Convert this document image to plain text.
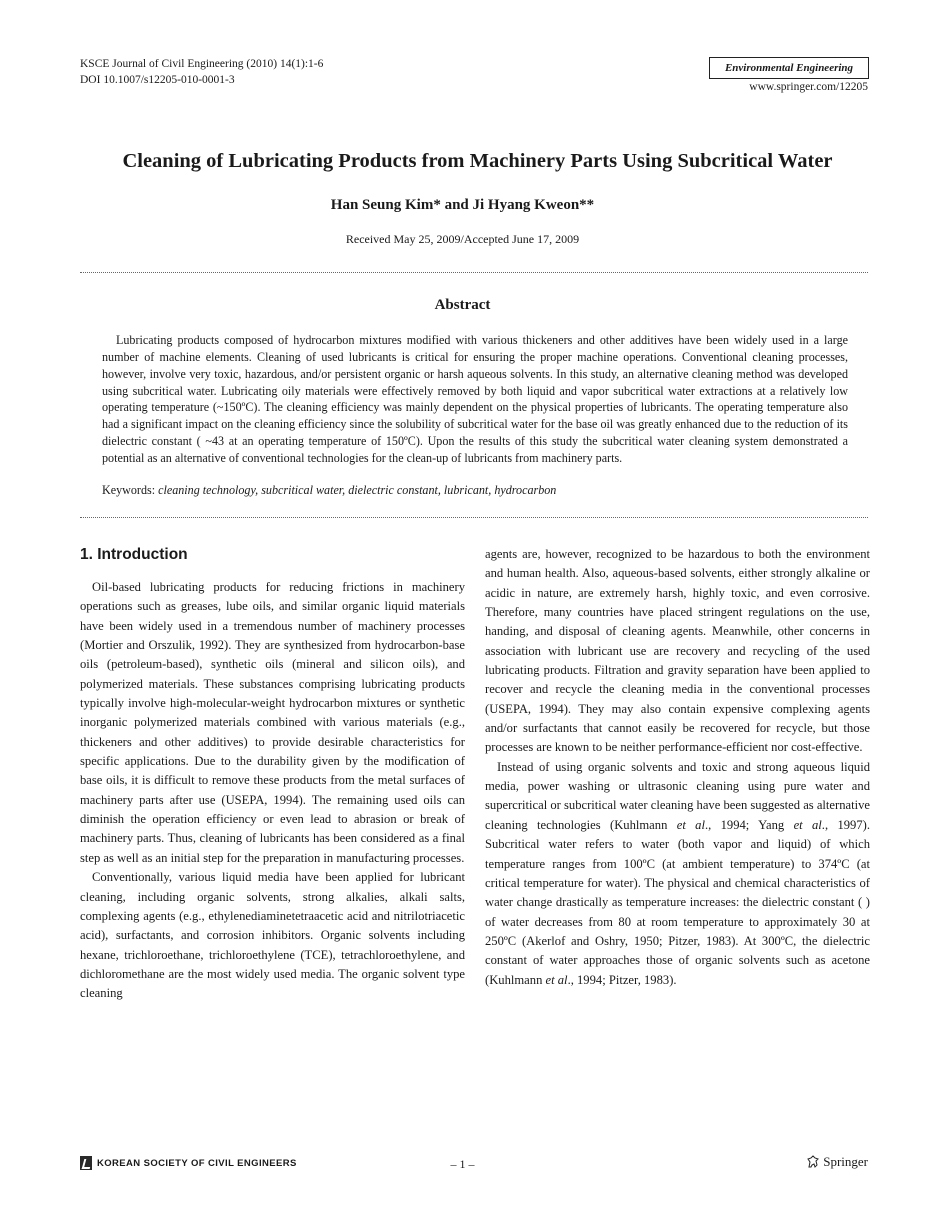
KSCE Journal of Civil Engineering (2010) 14(1):1-6
DOI 10.1007/s12205-010-0001-3
Environmental Engineering
www.springer.com/12205
Cleaning of Lubricating Products from Machinery Parts Using Subcritical Water
Han Seung Kim* and Ji Hyang Kweon**
Received May 25, 2009/Accepted June 17, 2009
Abstract
Lubricating products composed of hydrocarbon mixtures modified with various thickeners and other additives have been widely used in a large number of machine elements. Cleaning of used lubricants is critical for ensuring the proper machine operations. Conventional cleaning processes, however, involve very toxic, hazardous, and/or persistent organic or harsh aqueous solvents. In this study, an alternative cleaning method was developed using subcritical water. Lubricating oily materials were effectively removed by both liquid and vapor subcritical water extractions at a relatively low operating temperature (~150ºC). The cleaning efficiency was mainly dependent on the physical properties of lubricants. The operating temperature also had a significant impact on the cleaning efficiency since the solubility of subcritical water for the base oil was greatly enhanced due to the reduction of its dielectric constant ( ~43 at an operating temperature of 150ºC). Upon the results of this study the subcritical water cleaning system demonstrated a potential as an alternative of conventional technologies for the clean-up of lubricants from machinery parts.
Keywords: cleaning technology, subcritical water, dielectric constant, lubricant, hydrocarbon
1. Introduction

Oil-based lubricating products for reducing frictions in machinery operations such as greases, lube oils, and similar organic liquid materials have been widely used in a tremendous number of machinery processes (Mortier and Orszulik, 1992). They are synthesized from hydrocarbon-base oils (petroleum-based), synthetic oils (mineral and silicon oils), and polymerized materials. These substances comprising lubricating products typically involve high-molecular-weight hydrocarbon mixtures or synthetic inorganic polymerized materials combined with various materials (e.g., thickeners and other additives) to provide desirable characteristics for specific applications. Due to the durability given by the modification of base oils, it is difficult to remove these products from the metal surfaces of machinery parts after use (USEPA, 1994). The remaining used oils can diminish the operation efficiency or even lead to abrasion or break of machinery parts. Thus, cleaning of lubricants has been considered as a final step as well as an initial step for the preparation in manufacturing processes.

Conventionally, various liquid media have been applied for lubricant cleaning, including organic solvents, strong alkalies, alkali salts, complexing agents (e.g., ethylenediaminetetraacetic acid and nitrilotriacetic acid), surfactants, and corrosion inhibitors. Organic solvents including hexane, trichloroethane, trichloroethylene (TCE), tetrachloroethylene, and dichloromethane are the most widely used media. The organic solvent type cleaning

agents are, however, recognized to be hazardous to both the environment and human health. Also, aqueous-based solvents, either strongly alkaline or acidic in nature, are extremely harsh, highly toxic, and even corrosive. Therefore, many countries have placed stringent regulations on the use, handing, and disposal of cleaning agents. Meanwhile, other concerns in association with lubricant use are recovery and recycling of the used lubricating products. Filtration and gravity separation have been applied to recover and recycle the cleaning media in the conventional processes (USEPA, 1994). They may also contain expensive complexing agents and/or surfactants that cannot easily be recovered for recycle, but those processes are known to be neither performance-efficient nor cost-effective.

Instead of using organic solvents and toxic and strong aqueous liquid media, power washing or ultrasonic cleaning using pure water and supercritical or subcritical water cleaning have been suggested as alternative cleaning technologies (Kuhlmann et al., 1994; Yang et al., 1997). Subcritical water refers to water (both vapor and liquid) of which temperature ranges from 100ºC (at ambient temperature) to 374ºC (at critical temperature for water). The physical and chemical characteristics of water change drastically as temperature increases: the dielectric constant ( ) of water decreases from 80 at room temperature to approximately 30 at 250ºC (Akerlof and Oshry, 1950; Pitzer, 1983). At 300ºC, the dielectric constant of water approaches those of organic solvents such as acetone (Kuhlmann et al., 1994; Pitzer, 1983).

KOREAN SOCIETY OF CIVIL ENGINEERS	– 1 –	Springer
